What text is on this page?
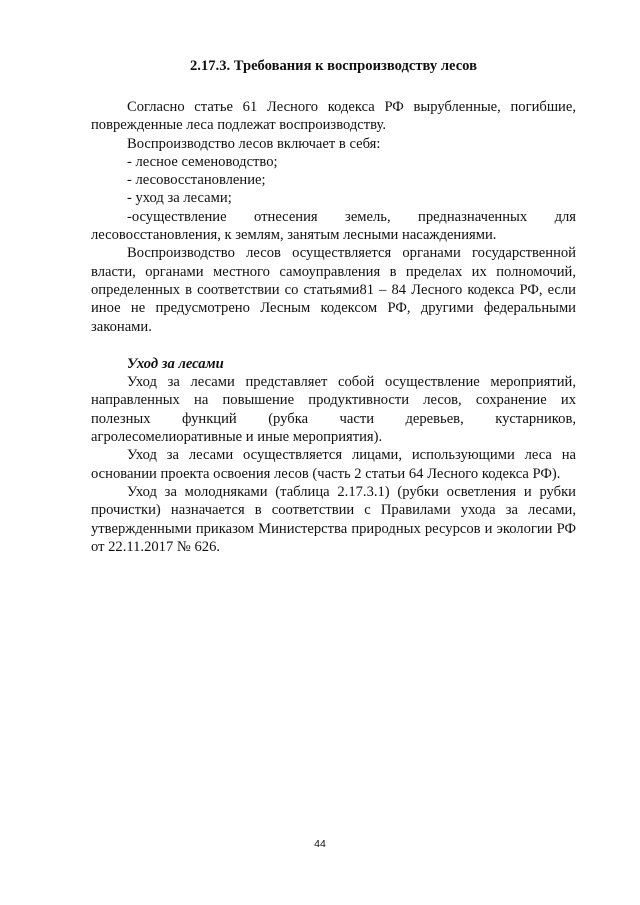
2.17.3. Требования к воспроизводству лесов

Согласно статье 61 Лесного кодекса РФ вырубленные, погибшие, поврежденные леса подлежат воспроизводству.

Воспроизводство лесов включает в себя:

- лесное семеноводство;

- лесовосстановление;

- уход за лесами;

-осуществление отнесения земель, предназначенных для лесовосстановления, к землям, занятым лесными насаждениями.

Воспроизводство лесов осуществляется органами государственной власти, органами местного самоуправления в пределах их полномочий, определенных в соответствии со статьями81 – 84 Лесного кодекса РФ, если иное не предусмотрено Лесным кодексом РФ, другими федеральными законами.

Уход за лесами

Уход за лесами представляет собой осуществление мероприятий, направленных на повышение продуктивности лесов, сохранение их полезных функций (рубка части деревьев, кустарников, агролесомелиоративные и иные мероприятия).

Уход за лесами осуществляется лицами, использующими леса на основании проекта освоения лесов (часть 2 статьи 64 Лесного кодекса РФ).

Уход за молодняками (таблица 2.17.3.1) (рубки осветления и рубки прочистки) назначается в соответствии с Правилами ухода за лесами, утвержденными приказом Министерства природных ресурсов и экологии РФ от 22.11.2017 № 626.

44
